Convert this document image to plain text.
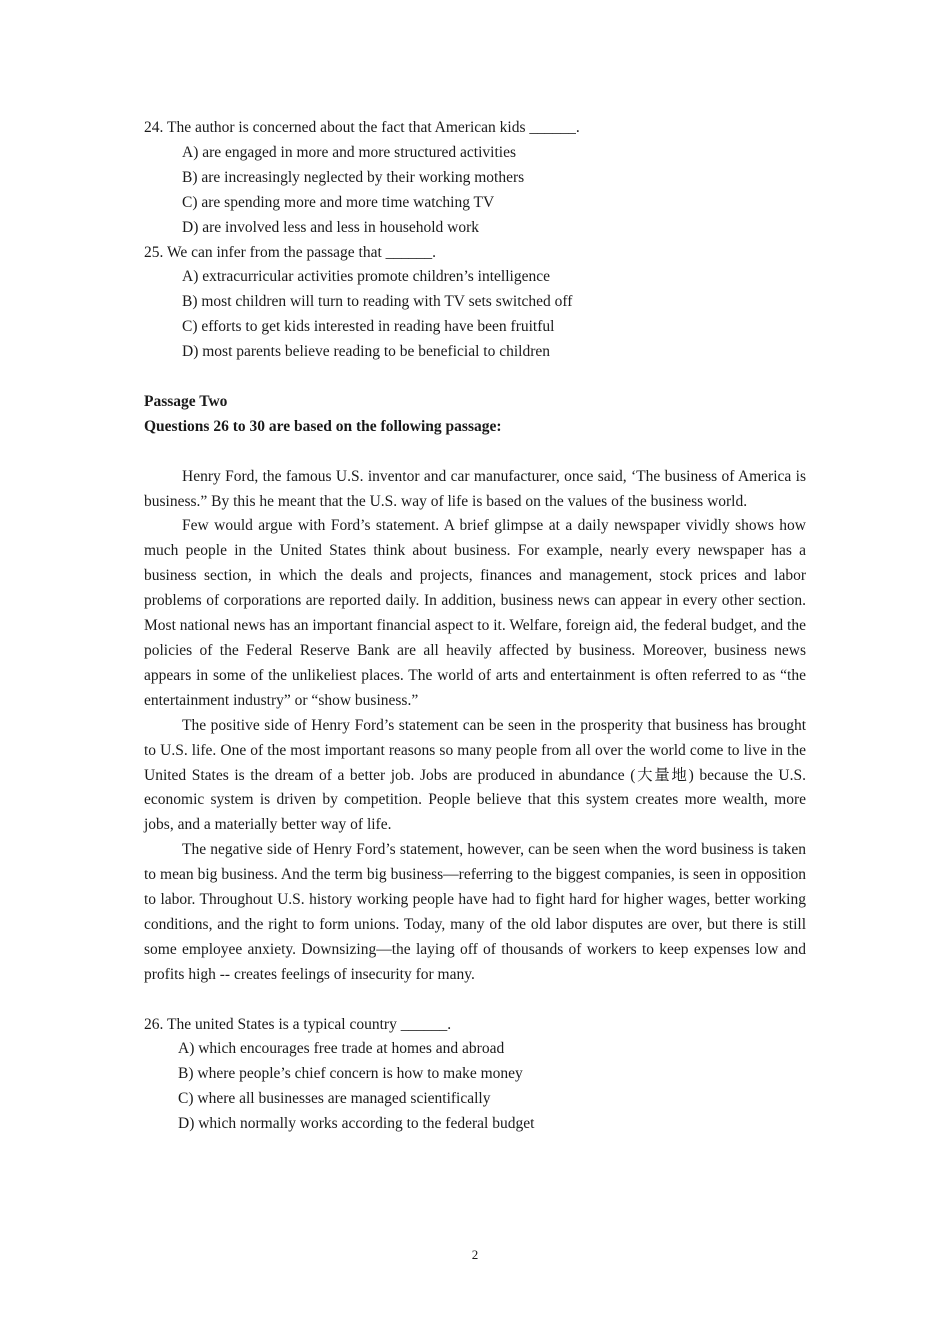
24. The author is concerned about the fact that American kids ______.

A) are engaged in more and more structured activities

B) are increasingly neglected by their working mothers

C) are spending more and more time watching TV

D) are involved less and less in household work

25. We can infer from the passage that ______.

A) extracurricular activities promote children’s intelligence

B) most children will turn to reading with TV sets switched off

C) efforts to get kids interested in reading have been fruitful

D) most parents believe reading to be beneficial to children

Passage Two

Questions 26 to 30 are based on the following passage:

Henry Ford, the famous U.S. inventor and car manufacturer, once said, ‘The business of America is business.” By this he meant that the U.S. way of life is based on the values of the business world.

Few would argue with Ford’s statement. A brief glimpse at a daily newspaper vividly shows how much people in the United States think about business. For example, nearly every newspaper has a business section, in which the deals and projects, finances and management, stock prices and labor problems of corporations are reported daily. In addition, business news can appear in every other section. Most national news has an important financial aspect to it. Welfare, foreign aid, the federal budget, and the policies of the Federal Reserve Bank are all heavily affected by business. Moreover, business news appears in some of the unlikeliest places. The world of arts and entertainment is often referred to as “the entertainment industry” or “show business.”

The positive side of Henry Ford’s statement can be seen in the prosperity that business has brought to U.S. life. One of the most important reasons so many people from all over the world come to live in the United States is the dream of a better job. Jobs are produced in abundance (大量地) because the U.S. economic system is driven by competition. People believe that this system creates more wealth, more jobs, and a materially better way of life.

The negative side of Henry Ford’s statement, however, can be seen when the word business is taken to mean big business. And the term big business—referring to the biggest companies, is seen in opposition to labor. Throughout U.S. history working people have had to fight hard for higher wages, better working conditions, and the right to form unions. Today, many of the old labor disputes are over, but there is still some employee anxiety. Downsizing—the laying off of thousands of workers to keep expenses low and profits high -- creates feelings of insecurity for many.

26. The united States is a typical country ______.

A) which encourages free trade at homes and abroad

B) where people’s chief concern is how to make money

C) where all businesses are managed scientifically

D) which normally works according to the federal budget

2
